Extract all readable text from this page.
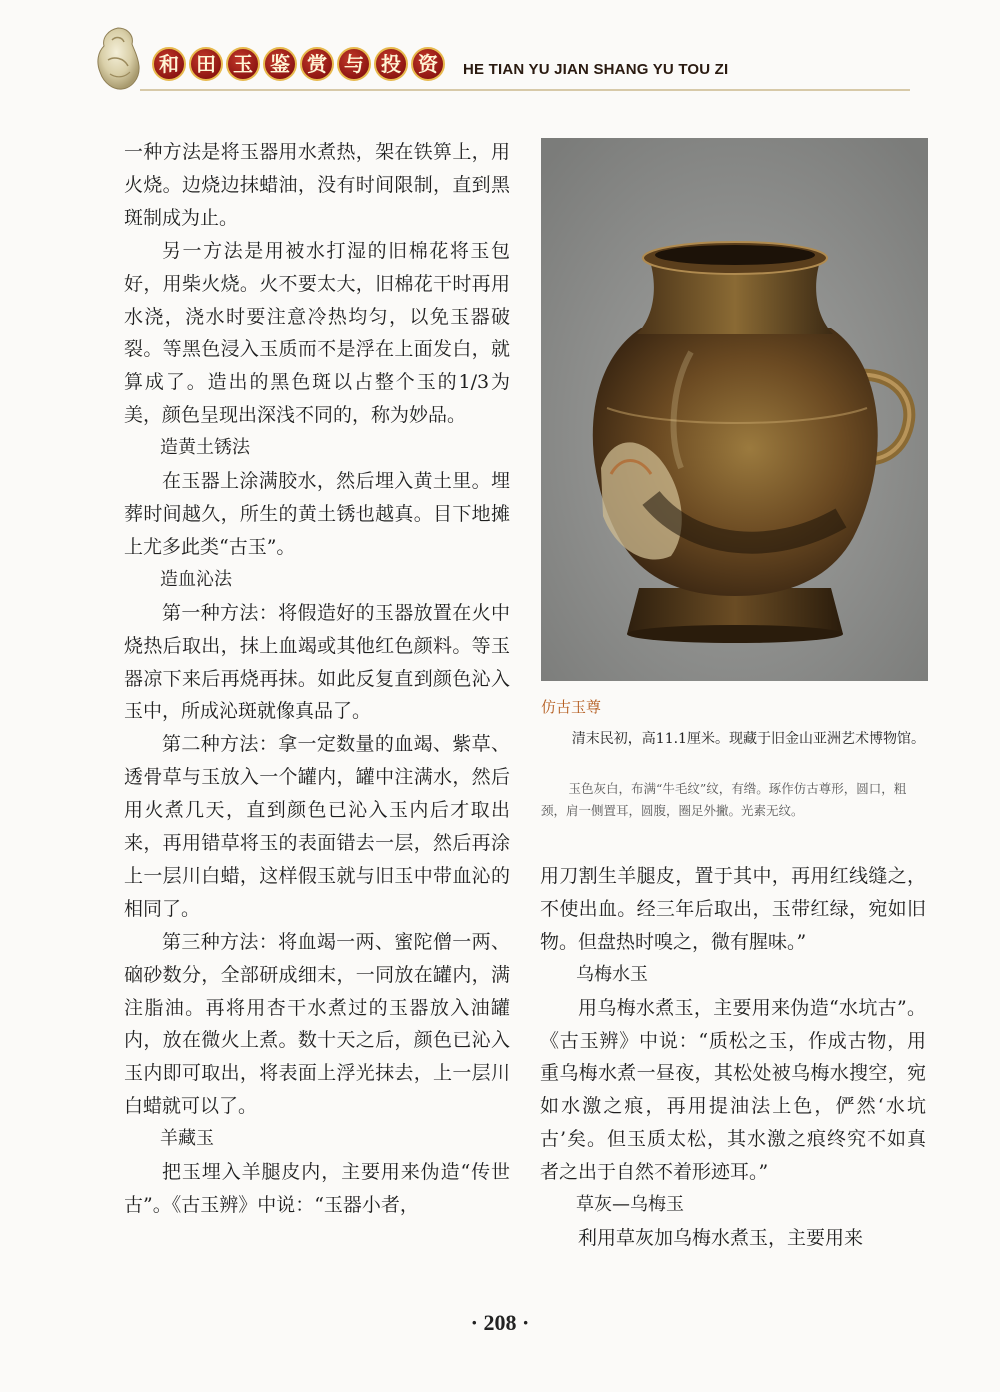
和 田 玉 鉴 赏 与 投 资	HE TIAN YU JIAN SHANG YU TOU ZI

一种方法是将玉器用水煮热，架在铁箅上，用火烧。边烧边抹蜡油，没有时间限制，直到黑斑制成为止。

另一方法是用被水打湿的旧棉花将玉包好，用柴火烧。火不要太大，旧棉花干时再用水浇，浇水时要注意冷热均匀，以免玉器破裂。等黑色浸入玉质而不是浮在上面发白，就算成了。造出的黑色斑以占整个玉的1/3为美，颜色呈现出深浅不同的，称为妙品。

造黄土锈法

在玉器上涂满胶水，然后埋入黄土里。埋葬时间越久，所生的黄土锈也越真。目下地摊上尤多此类“古玉”。

造血沁法

第一种方法：将假造好的玉器放置在火中烧热后取出，抹上血竭或其他红色颜料。等玉器凉下来后再烧再抹。如此反复直到颜色沁入玉中，所成沁斑就像真品了。

第二种方法：拿一定数量的血竭、紫草、透骨草与玉放入一个罐内，罐中注满水，然后用火煮几天，直到颜色已沁入玉内后才取出来，再用错草将玉的表面错去一层，然后再涂上一层川白蜡，这样假玉就与旧玉中带血沁的相同了。

第三种方法：将血竭一两、蜜陀僧一两、硇砂数分，全部研成细末，一同放在罐内，满注脂油。再将用杏干水煮过的玉器放入油罐内，放在微火上煮。数十天之后，颜色已沁入玉内即可取出，将表面上浮光抹去，上一层川白蜡就可以了。

羊藏玉

把玉埋入羊腿皮内，主要用来伪造“传世古”。《古玉辨》中说：“玉器小者，

仿古玉尊

清末民初，高11.1厘米。现藏于旧金山亚洲艺术博物馆。

玉色灰白，布满“牛毛纹”纹，有绺。琢作仿古尊形，圆口，粗颈，肩一侧置耳，圆腹，圈足外撇。光素无纹。

用刀割生羊腿皮，置于其中，再用红线缝之，不使出血。经三年后取出，玉带红绿，宛如旧物。但盘热时嗅之，微有腥味。”

乌梅水玉

用乌梅水煮玉，主要用来伪造“水坑古”。《古玉辨》中说：“质松之玉，作成古物，用重乌梅水煮一昼夜，其松处被乌梅水搜空，宛如水激之痕，再用提油法上色，俨然‘水坑古’矣。但玉质太松，其水激之痕终究不如真者之出于自然不着形迹耳。”

草灰—乌梅玉

利用草灰加乌梅水煮玉，主要用来

· 208 ·
